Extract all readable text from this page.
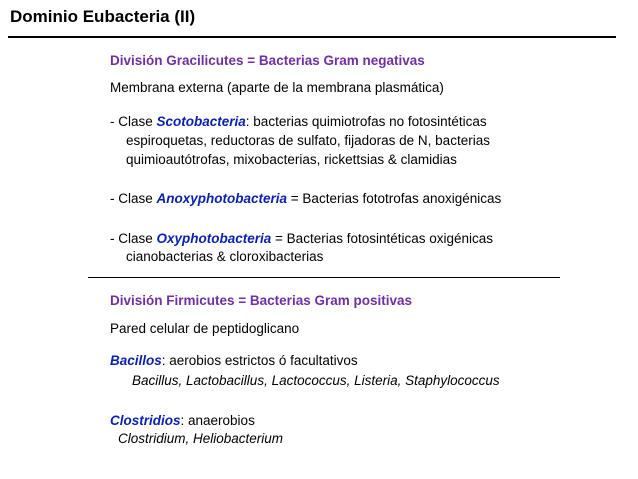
Dominio Eubacteria (II)
División Gracilicutes = Bacterias Gram negativas
Membrana externa (aparte de la membrana plasmática)
- Clase Scotobacteria: bacterias quimiotrofas no fotosintéticas
espiroquetas, reductoras de sulfato, fijadoras de N, bacterias
quimioautótrofas, mixobacterias, rickettsias & clamidias
- Clase Anoxyphotobacteria = Bacterias fototrofas anoxigénicas
- Clase Oxyphotobacteria = Bacterias fotosintéticas oxigénicas
cianobacterias & cloroxibacterias
División Firmicutes = Bacterias Gram positivas
Pared celular de peptidoglicano
Bacillos: aerobios estrictos ó facultativos
Bacillus, Lactobacillus, Lactococcus, Listeria, Staphylococcus
Clostridios: anaerobios
Clostridium, Heliobacterium
